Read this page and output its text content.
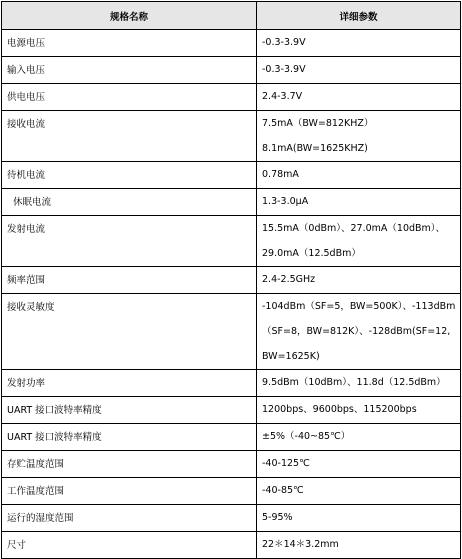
规格名称	详细参数

电源电压	-0.3-3.9V

输入电压	-0.3-3.9V

供电电压	2.4-3.7V

接收电流	7.5mA（BW=812KHZ）
8.1mA(BW=1625KHZ)

待机电流	0.78mA

休眠电流	1.3-3.0μA

发射电流	15.5mA（0dBm）、27.0mA（10dBm）、
29.0mA（12.5dBm）

频率范围	2.4-2.5GHz

接收灵敏度	-104dBm（SF=5，BW=500K）、-113dBm
（SF=8，BW=812K）、-128dBm(SF=12,
BW=1625K)

发射功率	9.5dBm（10dBm）、11.8d（12.5dBm）

UART 接口波特率精度	1200bps、9600bps、115200bps

UART 接口波特率精度	±5%（-40~85℃）

存贮温度范围	-40-125℃

工作温度范围	-40-85℃

运行的湿度范围	5-95%

尺寸	22＊14＊3.2mm
